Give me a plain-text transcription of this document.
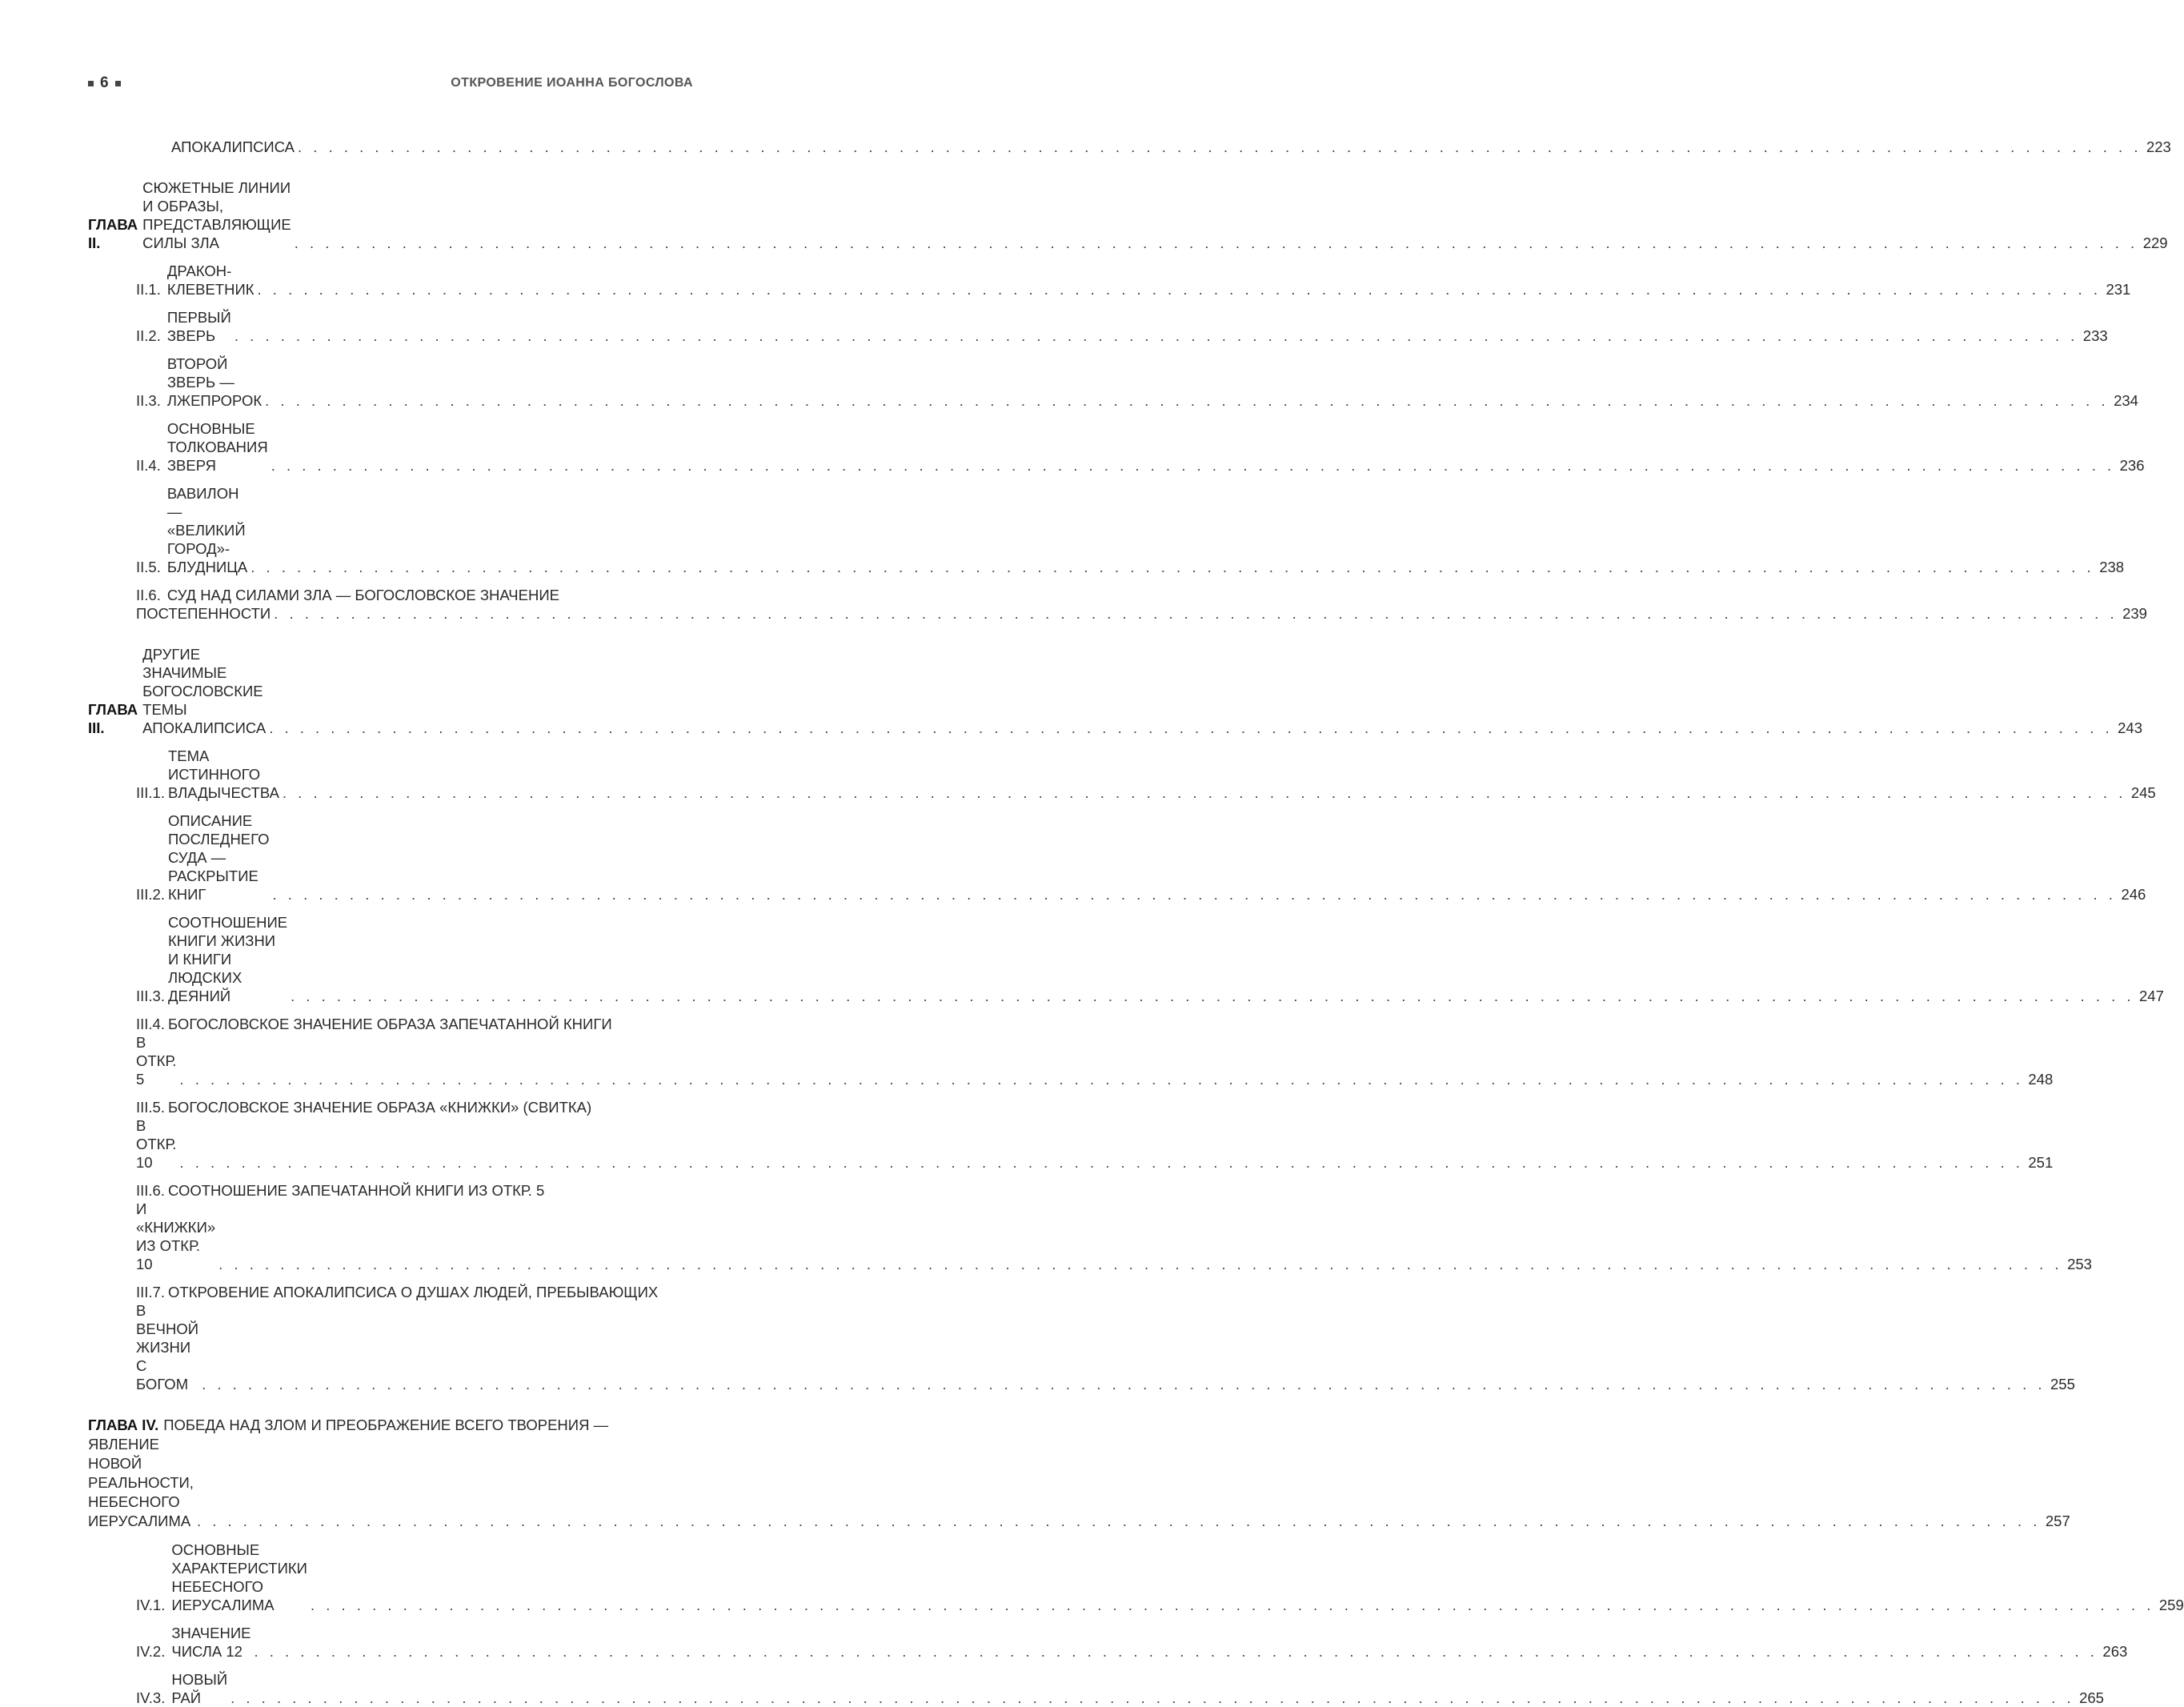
6	ОТКРОВЕНИЕ ИОАННА БОГОСЛОВА
АПОКАЛИПСИСА . . . . . . . . . . . . . . . . . . . . . . . . . . . . . . . . . . . . . . . . . . . . . . . . . . . . . . . . . . . . . . . . . . . . . . . . . . . . . . . . . . . . . . . . . . . . . . . . . . . . . . . . . . . . . . . . . . . . . . . . 223
ГЛАВА II.
СЮЖЕТНЫЕ ЛИНИИ И ОБРАЗЫ, ПРЕДСТАВЛЯЮЩИЕ СИЛЫ ЗЛА	. . . . . . . . . . . . . . . . . . . . . . . . . . . . . . . . . . . . . . . . . . . . . . . . . . . . . . . . . . . . . . . . . . . . . . . . . . . . . . . . . . . . . . . . . . . . . . . . . . . . . . . . . . . . . . . . . . . . . . . . 229
II.1.
ДРАКОН-КЛЕВЕТНИК . . . . . . . . . . . . . . . . . . . . . . . . . . . . . . . . . . . . . . . . . . . . . . . . . . . . . . . . . . . . . . . . . . . . . . . . . . . . . . . . . . . . . . . . . . . . . . . . . . . . . . . . . . . . . . . . . . . . . . . . 231
II.2.
ПЕРВЫЙ ЗВЕРЬ	. . . . . . . . . . . . . . . . . . . . . . . . . . . . . . . . . . . . . . . . . . . . . . . . . . . . . . . . . . . . . . . . . . . . . . . . . . . . . . . . . . . . . . . . . . . . . . . . . . . . . . . . . . . . . . . . . . . . . . . . 233
II.3.
ВТОРОЙ ЗВЕРЬ — ЛЖЕПРОРОК . . . . . . . . . . . . . . . . . . . . . . . . . . . . . . . . . . . . . . . . . . . . . . . . . . . . . . . . . . . . . . . . . . . . . . . . . . . . . . . . . . . . . . . . . . . . . . . . . . . . . . . . . . . . . . . . . . . . . . . . 234
II.4.
ОСНОВНЫЕ ТОЛКОВАНИЯ ЗВЕРЯ	. . . . . . . . . . . . . . . . . . . . . . . . . . . . . . . . . . . . . . . . . . . . . . . . . . . . . . . . . . . . . . . . . . . . . . . . . . . . . . . . . . . . . . . . . . . . . . . . . . . . . . . . . . . . . . . . . . . . . . . . 236
II.5.
ВАВИЛОН — «ВЕЛИКИЙ ГОРОД»-БЛУДНИЦА . . . . . . . . . . . . . . . . . . . . . . . . . . . . . . . . . . . . . . . . . . . . . . . . . . . . . . . . . . . . . . . . . . . . . . . . . . . . . . . . . . . . . . . . . . . . . . . . . . . . . . . . . . . . . . . . . . . . . . . . 238
II.6. СУД НАД СИЛАМИ ЗЛА — БОГОСЛОВСКОЕ ЗНАЧЕНИЕ
ПОСТЕПЕННОСТИ . . . . . . . . . . . . . . . . . . . . . . . . . . . . . . . . . . . . . . . . . . . . . . . . . . . . . . . . . . . . . . . . . . . . . . . . . . . . . . . . . . . . . . . . . . . . . . . . . . . . . . . . . . . . . . . . . . . . . . . . 239
ГЛАВА III.
ДРУГИЕ ЗНАЧИМЫЕ БОГОСЛОВСКИЕ ТЕМЫ АПОКАЛИПСИСА . . . . . . . . . . . . . . . . . . . . . . . . . . . . . . . . . . . . . . . . . . . . . . . . . . . . . . . . . . . . . . . . . . . . . . . . . . . . . . . . . . . . . . . . . . . . . . . . . . . . . . . . . . . . . . . . . . . . . . . . 243
III.1.
ТЕМА ИСТИННОГО ВЛАДЫЧЕСТВА . . . . . . . . . . . . . . . . . . . . . . . . . . . . . . . . . . . . . . . . . . . . . . . . . . . . . . . . . . . . . . . . . . . . . . . . . . . . . . . . . . . . . . . . . . . . . . . . . . . . . . . . . . . . . . . . . . . . . . . . 245
III.2.
ОПИСАНИЕ ПОСЛЕДНЕГО СУДА — РАСКРЫТИЕ КНИГ	. . . . . . . . . . . . . . . . . . . . . . . . . . . . . . . . . . . . . . . . . . . . . . . . . . . . . . . . . . . . . . . . . . . . . . . . . . . . . . . . . . . . . . . . . . . . . . . . . . . . . . . . . . . . . . . . . . . . . . . . 246
III.3.
СООТНОШЕНИЕ КНИГИ ЖИЗНИ И КНИГИ ЛЮДСКИХ ДЕЯНИЙ	. . . . . . . . . . . . . . . . . . . . . . . . . . . . . . . . . . . . . . . . . . . . . . . . . . . . . . . . . . . . . . . . . . . . . . . . . . . . . . . . . . . . . . . . . . . . . . . . . . . . . . . . . . . . . . . . . . . . . . . . 247
III.4. БОГОСЛОВСКОЕ ЗНАЧЕНИЕ ОБРАЗА ЗАПЕЧАТАННОЙ КНИГИ
В ОТКР. 5	. . . . . . . . . . . . . . . . . . . . . . . . . . . . . . . . . . . . . . . . . . . . . . . . . . . . . . . . . . . . . . . . . . . . . . . . . . . . . . . . . . . . . . . . . . . . . . . . . . . . . . . . . . . . . . . . . . . . . . . . 248
III.5. БОГОСЛОВСКОЕ ЗНАЧЕНИЕ ОБРАЗА «КНИЖКИ» (СВИТКА)
В ОТКР. 10	. . . . . . . . . . . . . . . . . . . . . . . . . . . . . . . . . . . . . . . . . . . . . . . . . . . . . . . . . . . . . . . . . . . . . . . . . . . . . . . . . . . . . . . . . . . . . . . . . . . . . . . . . . . . . . . . . . . . . . . . 251
III.6. СООТНОШЕНИЕ ЗАПЕЧАТАННОЙ КНИГИ ИЗ ОТКР. 5
И «КНИЖКИ» ИЗ ОТКР. 10	. . . . . . . . . . . . . . . . . . . . . . . . . . . . . . . . . . . . . . . . . . . . . . . . . . . . . . . . . . . . . . . . . . . . . . . . . . . . . . . . . . . . . . . . . . . . . . . . . . . . . . . . . . . . . . . . . . . . . . . . 253
III.7. ОТКРОВЕНИЕ АПОКАЛИПСИСА О ДУШАХ ЛЮДЕЙ, ПРЕБЫВАЮЩИХ
В ВЕЧНОЙ ЖИЗНИ С БОГОМ . . . . . . . . . . . . . . . . . . . . . . . . . . . . . . . . . . . . . . . . . . . . . . . . . . . . . . . . . . . . . . . . . . . . . . . . . . . . . . . . . . . . . . . . . . . . . . . . . . . . . . . . . . . . . . . . . . . . . . . . 255
ГЛАВА IV. ПОБЕДА НАД ЗЛОМ И ПРЕОБРАЖЕНИЕ ВСЕГО ТВОРЕНИЯ —
ЯВЛЕНИЕ НОВОЙ РЕАЛЬНОСТИ, НЕБЕСНОГО ИЕРУСАЛИМА . . . . . . . . . . . . . . . . . . . . . . . . . . . . . . . . . . . . . . . . . . . . . . . . . . . . . . . . . . . . . . . . . . . . . . . . . . . . . . . . . . . . . . . . . . . . . . . . . . . . . . . . . . . . . . . . . . . . . . . . 257
IV.1.
ОСНОВНЫЕ ХАРАКТЕРИСТИКИ НЕБЕСНОГО ИЕРУСАЛИМА	. . . . . . . . . . . . . . . . . . . . . . . . . . . . . . . . . . . . . . . . . . . . . . . . . . . . . . . . . . . . . . . . . . . . . . . . . . . . . . . . . . . . . . . . . . . . . . . . . . . . . . . . . . . . . . . . . . . . . . . . 259
IV.2.
ЗНАЧЕНИЕ ЧИСЛА 12 . . . . . . . . . . . . . . . . . . . . . . . . . . . . . . . . . . . . . . . . . . . . . . . . . . . . . . . . . . . . . . . . . . . . . . . . . . . . . . . . . . . . . . . . . . . . . . . . . . . . . . . . . . . . . . . . . . . . . . . . 263
IV.3.
НОВЫЙ РАЙ	. . . . . . . . . . . . . . . . . . . . . . . . . . . . . . . . . . . . . . . . . . . . . . . . . . . . . . . . . . . . . . . . . . . . . . . . . . . . . . . . . . . . . . . . . . . . . . . . . . . . . . . . . . . . . . . . . . . . . . . . 265
